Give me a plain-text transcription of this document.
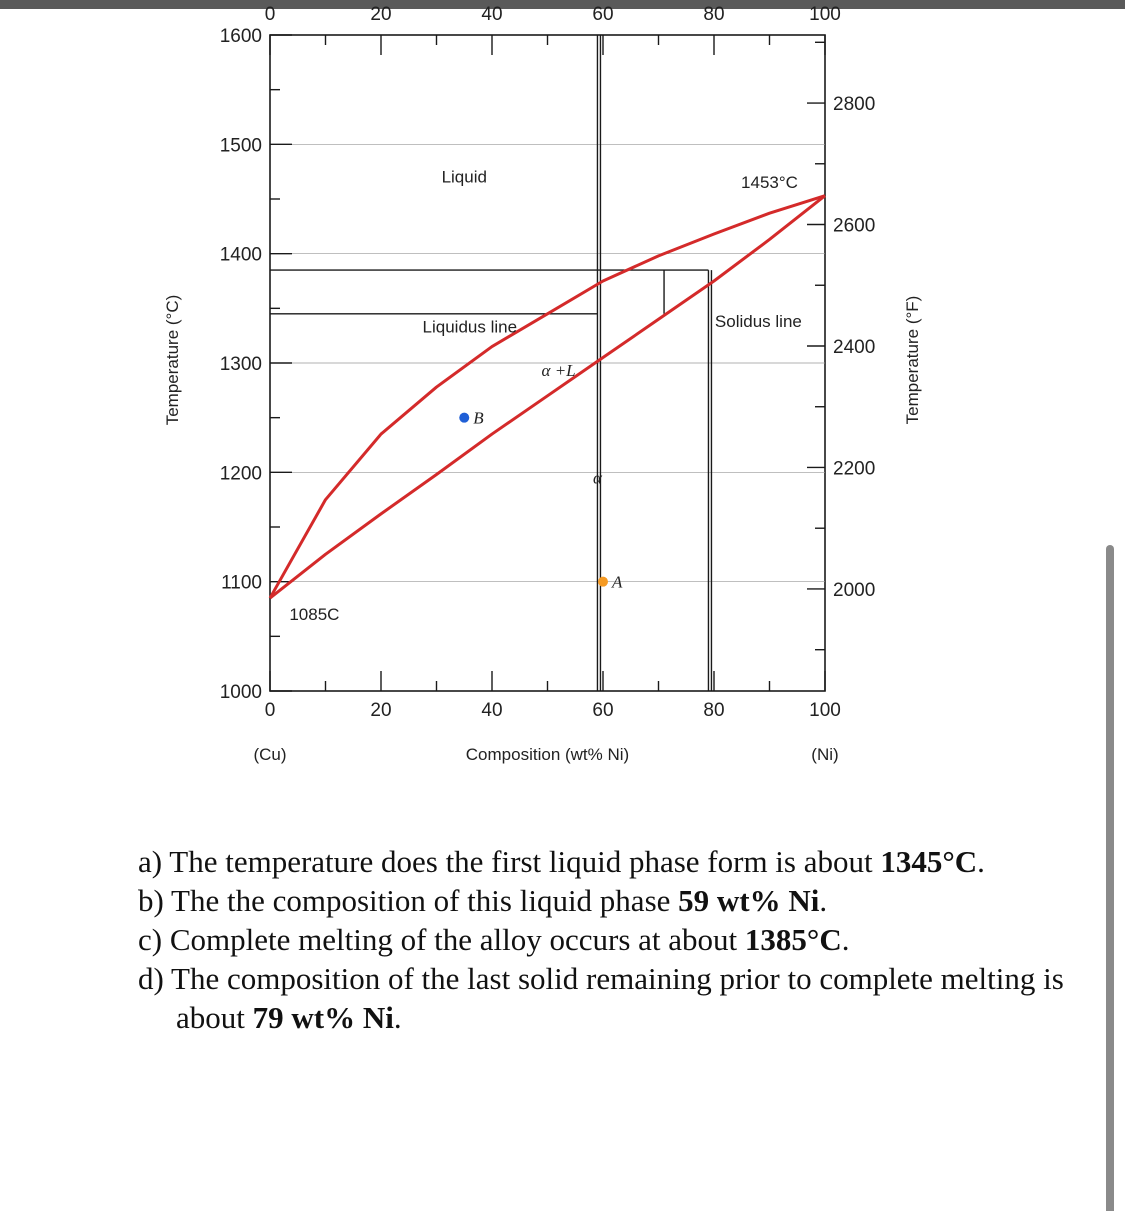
1000
1100
1200
1300
1400
1500
1600
2000
2200
2400
2600
2800
0	20	40	60	80	100
0	20	40	60	80	100
A
B
Liquid	1453°C
Liquidus line	Solidus line
α +L
α
1085C
Composition (wt% Ni)
(Cu)	(Ni)
Temperature (°C)	Temperature (°F)
a) The temperature does the first liquid phase form is about 1345°C.
b) The the composition of this liquid phase 59 wt% Ni.
c) Complete melting of the alloy occurs at about 1385°C.
d) The composition of the last solid remaining prior to complete melting is about 79 wt% Ni.
